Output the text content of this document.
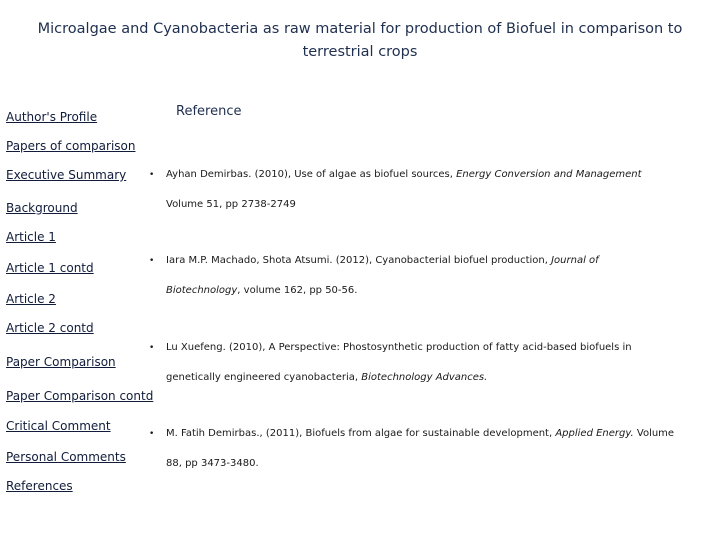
Microalgae and Cyanobacteria as raw material for production of Biofuel in comparison to
terrestrial crops
Reference
Author's Profile
Papers of comparison
Executive Summary
Background
Article 1
Article 1 contd
Article 2
Article 2 contd
Paper Comparison
Paper Comparison contd
Critical Comment
Personal Comments
References
• Ayhan Demirbas. (2010), Use of algae as biofuel sources, Energy Conversion and Management
Volume 51, pp 2738-2749
• Iara M.P. Machado, Shota Atsumi. (2012), Cyanobacterial biofuel production, Journal of
Biotechnology, volume 162, pp 50-56.
• Lu Xuefeng. (2010), A Perspective: Phostosynthetic production of fatty acid-based biofuels in
genetically engineered cyanobacteria, Biotechnology Advances.
• M. Fatih Demirbas., (2011), Biofuels from algae for sustainable development, Applied Energy. Volume
88, pp 3473-3480.
